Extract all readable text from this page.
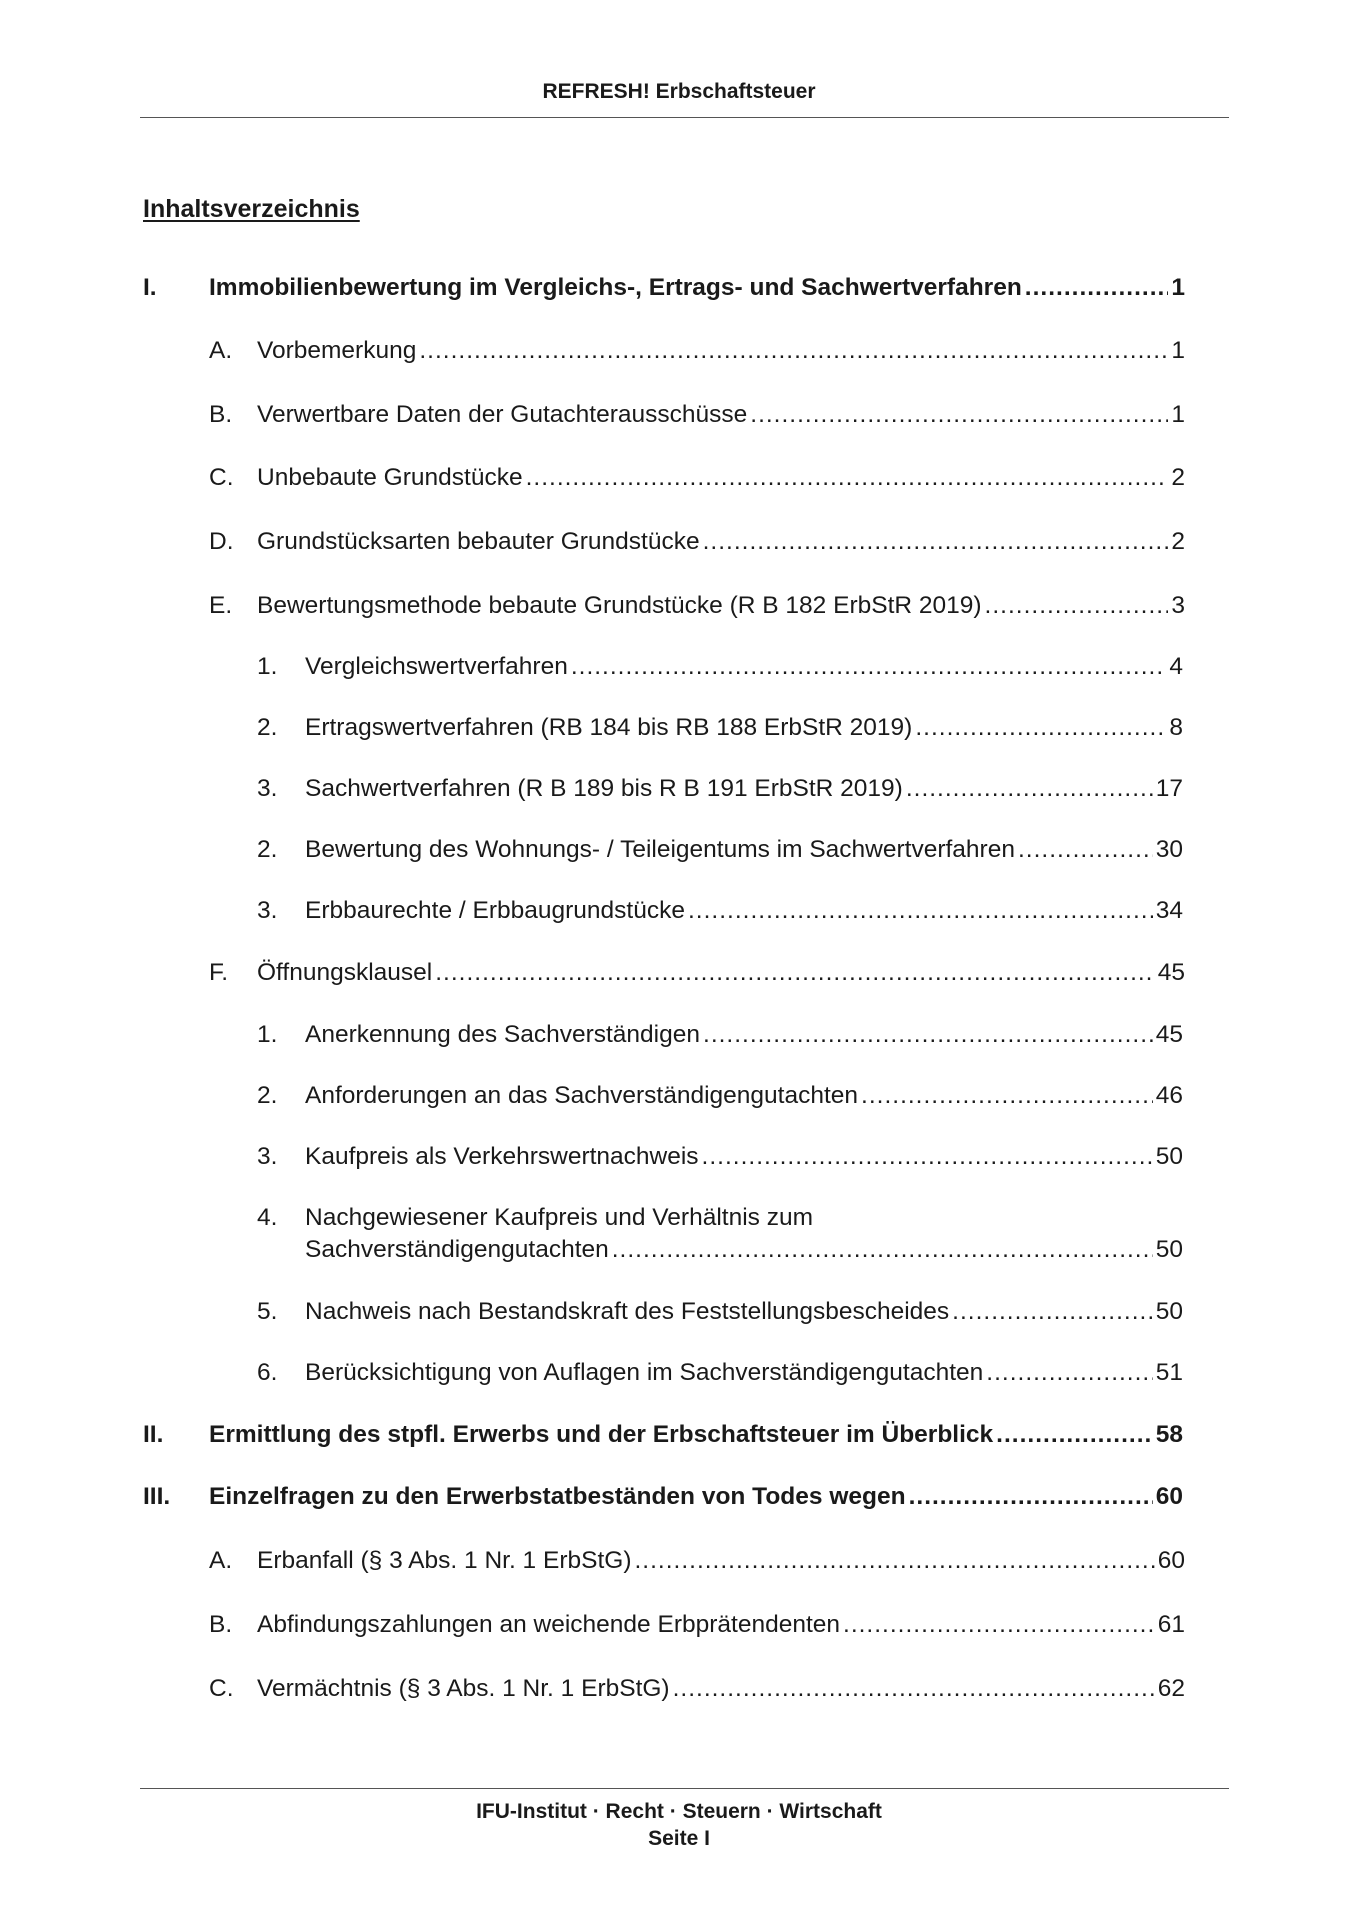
REFRESH! Erbschaftsteuer
Inhaltsverzeichnis
I.	Immobilienbewertung im Vergleichs-, Ertrags- und Sachwertverfahren .....	1
A.	Vorbemerkung .....	1
B.	Verwertbare Daten der Gutachterausschüsse .....	1
C. Unbebaute Grundstücke .....	2
D. Grundstücksarten bebauter Grundstücke .....	2
E.	Bewertungsmethode bebaute Grundstücke (R B 182 ErbStR 2019) .....	3
1.	Vergleichswertverfahren .....	4
2.	Ertragswertverfahren (RB 184 bis RB 188 ErbStR 2019) .....	8
3.	Sachwertverfahren (R B 189 bis R B 191 ErbStR 2019) .....	17
2.	Bewertung des Wohnungs- / Teileigentums im Sachwertverfahren .....	30
3.	Erbbaurechte / Erbbaugrundstücke .....	34
F.	Öffnungsklausel .....	45
1.	Anerkennung des Sachverständigen .....	45
2.	Anforderungen an das Sachverständigengutachten .....	46
3.	Kaufpreis als Verkehrswertnachweis .....	50
4.	Nachgewiesener Kaufpreis und Verhältnis zum
Sachverständigengutachten .....	50
5.	Nachweis nach Bestandskraft des Feststellungsbescheides .....	50
6.	Berücksichtigung von Auflagen im Sachverständigengutachten .....	51
II.	Ermittlung des stpfl. Erwerbs und der Erbschaftsteuer im Überblick .....	58
III.	Einzelfragen zu den Erwerbstatbeständen von Todes wegen .....	60
A.	Erbanfall (§ 3 Abs. 1 Nr. 1 ErbStG) .....	60
B.	Abfindungszahlungen an weichende Erbprätendenten .....	61
C. Vermächtnis (§ 3 Abs. 1 Nr. 1 ErbStG) .....	62
IFU-Institut · Recht · Steuern · Wirtschaft
Seite I
